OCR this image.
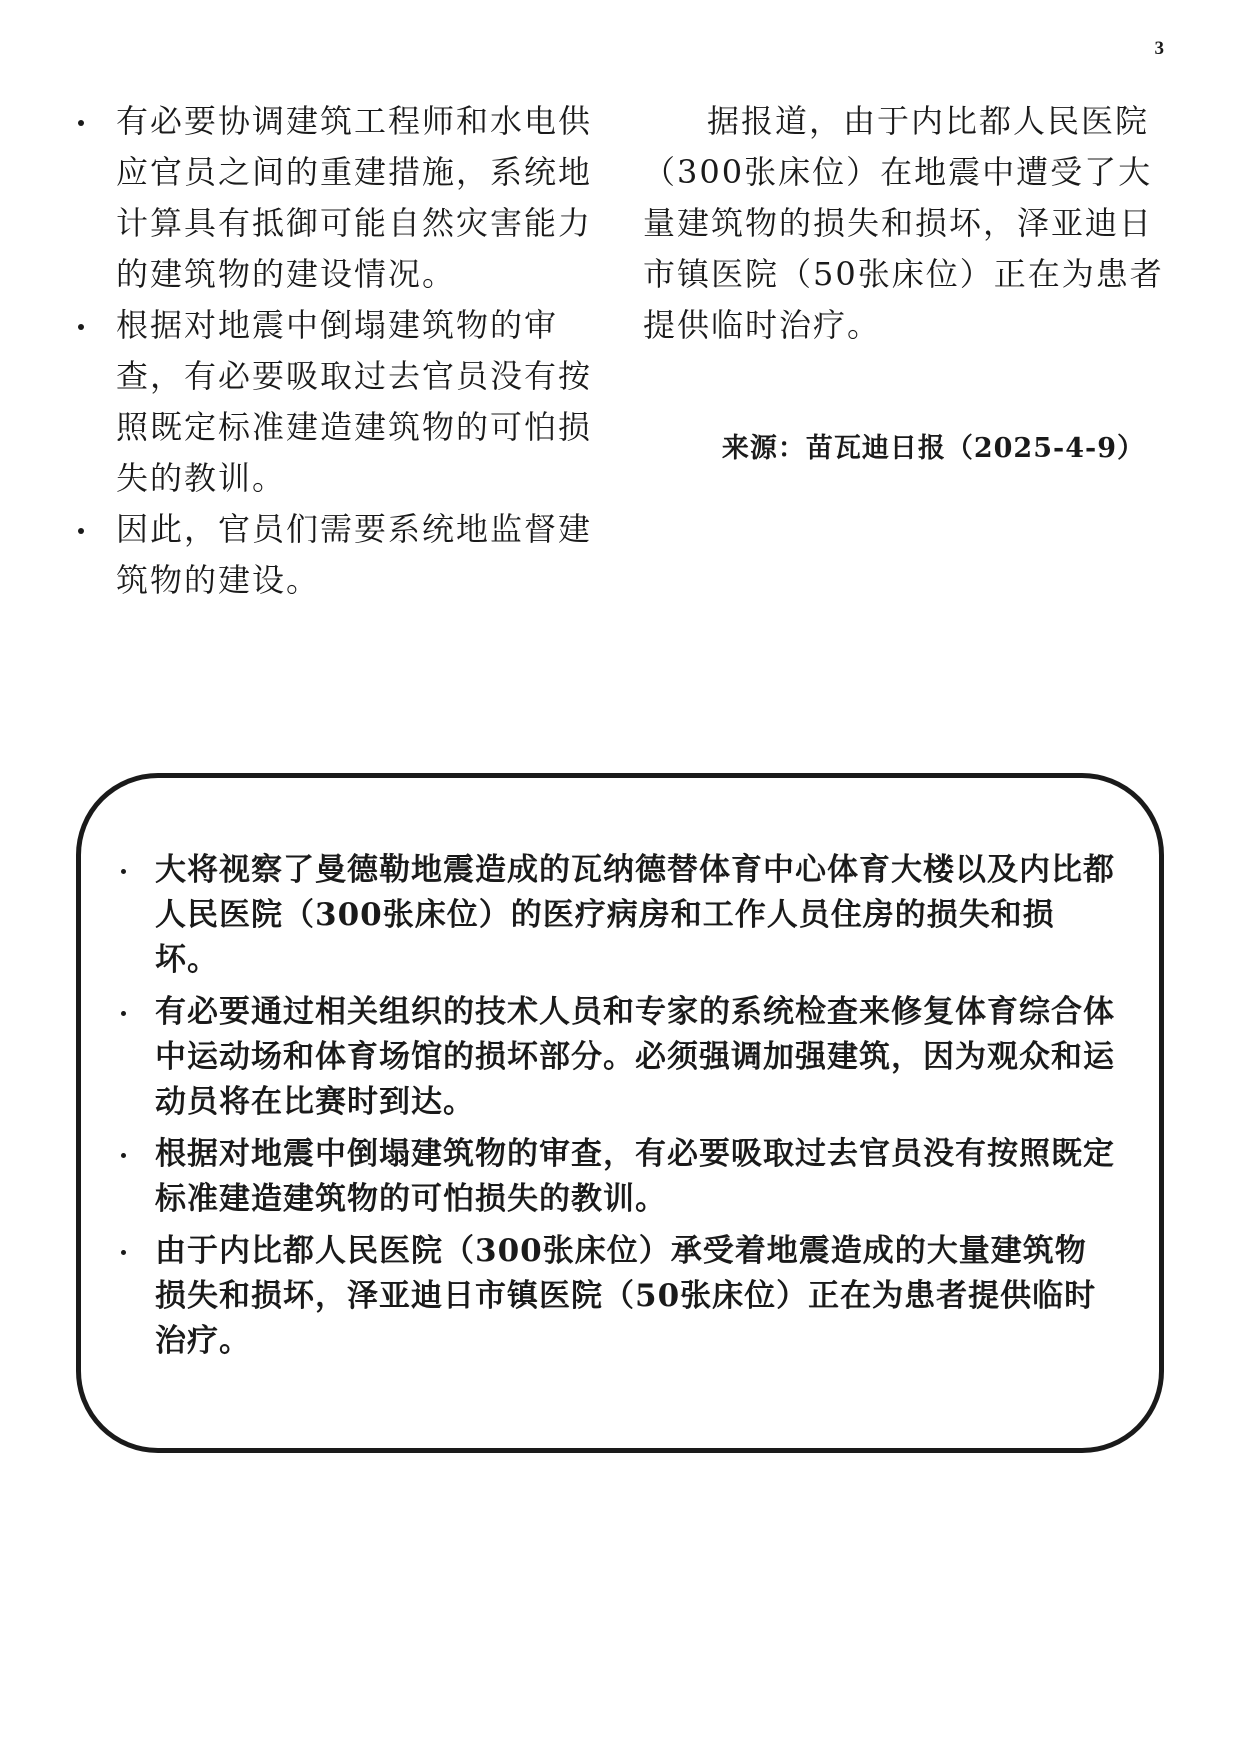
3
有必要协调建筑工程师和水电供应官员之间的重建措施，系统地计算具有抵御可能自然灾害能力的建筑物的建设情况。
根据对地震中倒塌建筑物的审查，有必要吸取过去官员没有按照既定标准建造建筑物的可怕损失的教训。
因此，官员们需要系统地监督建筑物的建设。

据报道，由于内比都人民医院（300张床位）在地震中遭受了大量建筑物的损失和损坏，泽亚迪日市镇医院（50张床位）正在为患者提供临时治疗。

来源：苗瓦迪日报（2025-4-9）
大将视察了曼德勒地震造成的瓦纳德替体育中心体育大楼以及内比都人民医院（300张床位）的医疗病房和工作人员住房的损失和损坏。
有必要通过相关组织的技术人员和专家的系统检查来修复体育综合体中运动场和体育场馆的损坏部分。必须强调加强建筑，因为观众和运动员将在比赛时到达。
根据对地震中倒塌建筑物的审查，有必要吸取过去官员没有按照既定标准建造建筑物的可怕损失的教训。
由于内比都人民医院（300张床位）承受着地震造成的大量建筑物损失和损坏，泽亚迪日市镇医院（50张床位）正在为患者提供临时治疗。
